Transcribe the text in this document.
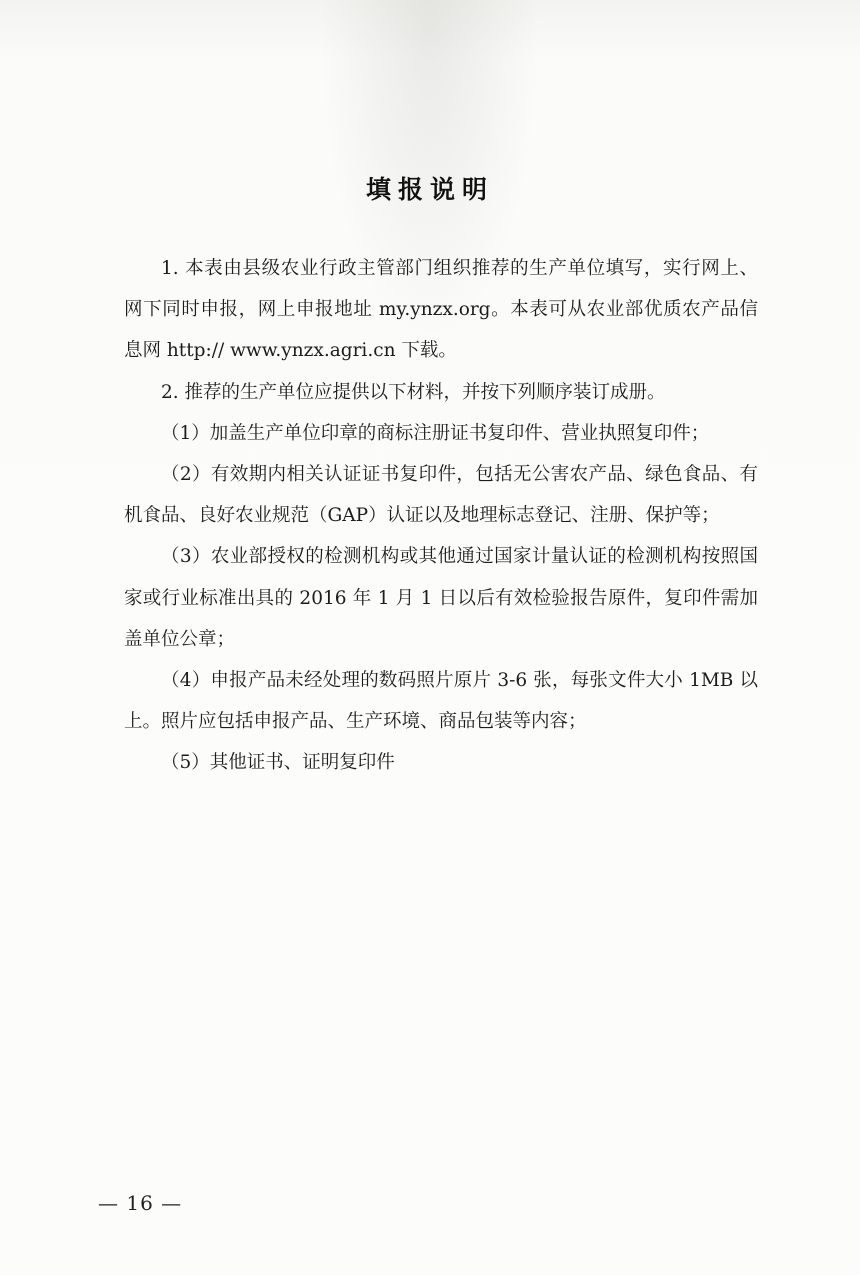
填报说明

1. 本表由县级农业行政主管部门组织推荐的生产单位填写，实行网上、网下同时申报，网上申报地址 my.ynzx.org。本表可从农业部优质农产品信息网 http:// www.ynzx.agri.cn 下载。

2. 推荐的生产单位应提供以下材料，并按下列顺序装订成册。

（1）加盖生产单位印章的商标注册证书复印件、营业执照复印件；

（2）有效期内相关认证证书复印件，包括无公害农产品、绿色食品、有机食品、良好农业规范（GAP）认证以及地理标志登记、注册、保护等；

（3）农业部授权的检测机构或其他通过国家计量认证的检测机构按照国家或行业标准出具的 2016 年 1 月 1 日以后有效检验报告原件，复印件需加盖单位公章；

（4）申报产品未经处理的数码照片原片 3-6 张，每张文件大小 1MB 以上。照片应包括申报产品、生产环境、商品包装等内容；

（5）其他证书、证明复印件

— 16 —
